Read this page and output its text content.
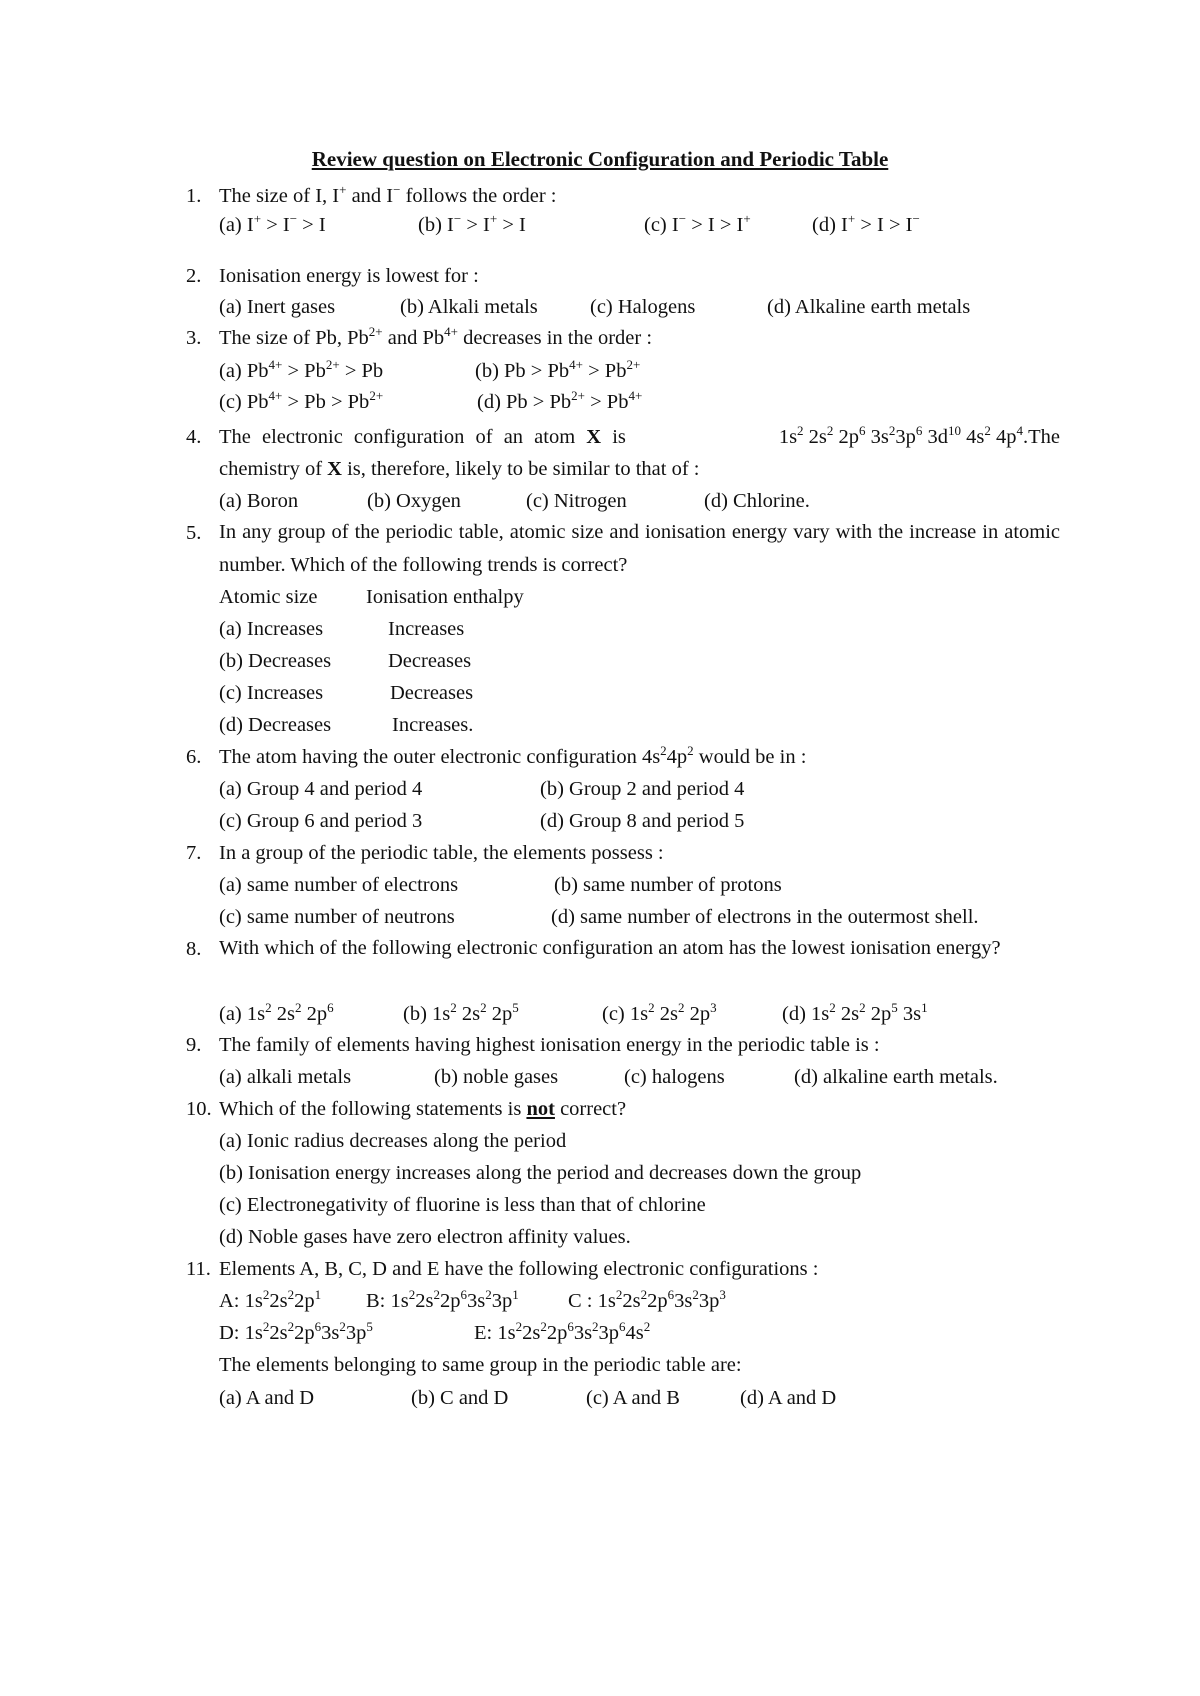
Review question on Electronic Configuration and Periodic Table
1. The size of I, I+ and I− follows the order :
(a) I+ > I− > I	(b) I− > I+ > I	(c) I− > I > I+	(d) I+ > I > I−
2. Ionisation energy is lowest for :
(a) Inert gases	(b) Alkali metals	(c) Halogens	(d) Alkaline earth metals
3. The size of Pb, $Pb^{2+}$ and $Pb^{4+}$ decreases in the order :
(a) $Pb^{4+} > Pb^{2+} > Pb$	(b) $Pb > Pb^{4+} > Pb^{2+}$
(c) $Pb^{4+} > Pb > Pb^{2+}$	(d) $Pb > Pb^{2+} > Pb^{4+}$
4. The electronic configuration of an atom X is	$1s^2$ $2s^2$ $2p^6$ $3s^23p^6$ $3d^{10}$ $4s^2$ $4p^4.The$
chemistry of X is, therefore, likely to be similar to that of :
(a) Boron	(b) Oxygen	(c) Nitrogen	(d) Chlorine.
5. In any group of the periodic table, atomic size and ionisation energy vary with the increase in atomic number. Which of the following trends is correct?
Atomic size Ionisation enthalpy
(a) Increases	Increases
(b) Decreases	Decreases
(c) Increases	Decreases
(d) Decreases	Increases.
6. The atom having the outer electronic configuration $4s^24p^2$ would be in :
(a) Group 4 and period 4	(b) Group 2 and period 4
(c) Group 6 and period 3	(d) Group 8 and period 5
7. In a group of the periodic table, the elements possess :
(a) same number of electrons	(b) same number of protons
(c) same number of neutrons	(d) same number of electrons in the outermost shell.
8. With which of the following electronic configuration an atom has the lowest ionisation energy?
(a) $1s^2$ $2s^2$ $2p^6$	(b) $1s^2$ $2s^2$ $2p^5$	(c) $1s^2$ $2s^2$ $2p^3$	(d) $1s^2$ $2s^2$ $2p^5$ $3s^1$
9. The family of elements having highest ionisation energy in the periodic table is :
(a) alkali metals	(b) noble gases	(c) halogens	(d) alkaline earth metals.
10. Which of the following statements is not correct?
(a) Ionic radius decreases along the period
(b) Ionisation energy increases along the period and decreases down the group
(c) Electronegativity of fluorine is less than that of chlorine
(d) Noble gases have zero electron affinity values.
11. Elements A, B, C, D and E have the following electronic configurations :
A: $1s^22s^22p^1$ B: $1s^22s^22p^63s^23p^1$ C : $1s^22s^22p^63s^23p^3$
D: $1s^22s^22p^63s^23p^5$	E: $1s^22s^22p^63s^23p^64s^2$
The elements belonging to same group in the periodic table are:
(a) A and D	(b) C and D	(c) A and B	(d) A and D
